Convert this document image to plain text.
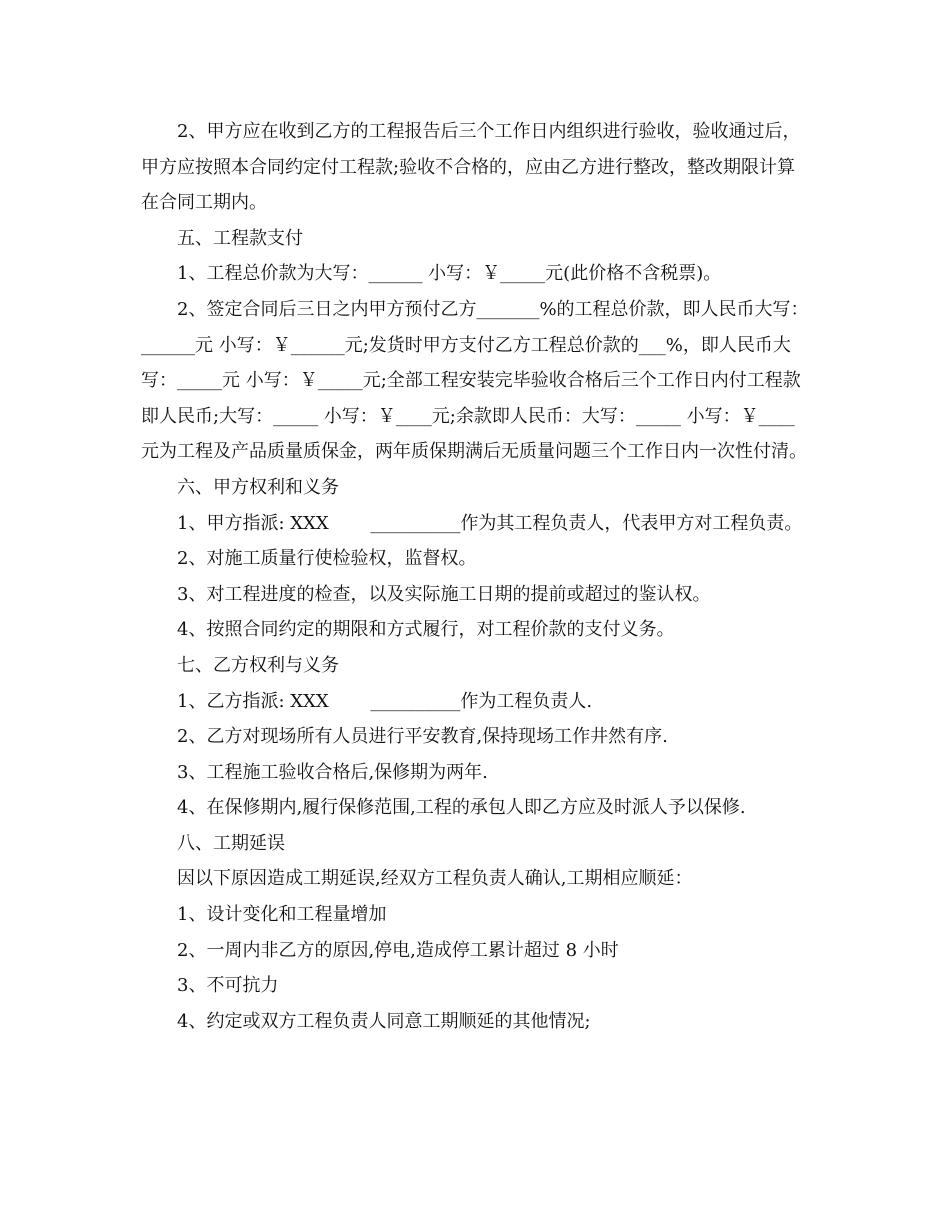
2、甲方应在收到乙方的工程报告后三个工作日内组织进行验收，验收通过后，甲方应按照本合同约定付工程款;验收不合格的，应由乙方进行整改，整改期限计算在合同工期内。

五、工程款支付

1、工程总价款为大写：______ 小写：￥_____元(此价格不含税票)。

2、签定合同后三日之内甲方预付乙方_______%的工程总价款，即人民币大写：______元 小写：￥______元;发货时甲方支付乙方工程总价款的___%，即人民币大写：_____元 小写：￥_____元;全部工程安装完毕验收合格后三个工作日内付工程款即人民币;大写：_____ 小写：￥____元;余款即人民币：大写：_____ 小写：￥____元为工程及产品质量质保金，两年质保期满后无质量问题三个工作日内一次性付清。

六、甲方权利和义务

1、甲方指派: XXX　　 __________作为其工程负责人，代表甲方对工程负责。

2、对施工质量行使检验权，监督权。

3、对工程进度的检查，以及实际施工日期的提前或超过的鉴认权。

4、按照合同约定的期限和方式履行，对工程价款的支付义务。

七、乙方权利与义务

1、乙方指派: XXX　　 __________作为工程负责人.

2、乙方对现场所有人员进行平安教育,保持现场工作井然有序.

3、工程施工验收合格后,保修期为两年.

4、在保修期内,履行保修范围,工程的承包人即乙方应及时派人予以保修.

八、工期延误

因以下原因造成工期延误,经双方工程负责人确认,工期相应顺延：

1、设计变化和工程量增加

2、一周内非乙方的原因,停电,造成停工累计超过 8 小时

3、不可抗力

4、约定或双方工程负责人同意工期顺延的其他情况;
